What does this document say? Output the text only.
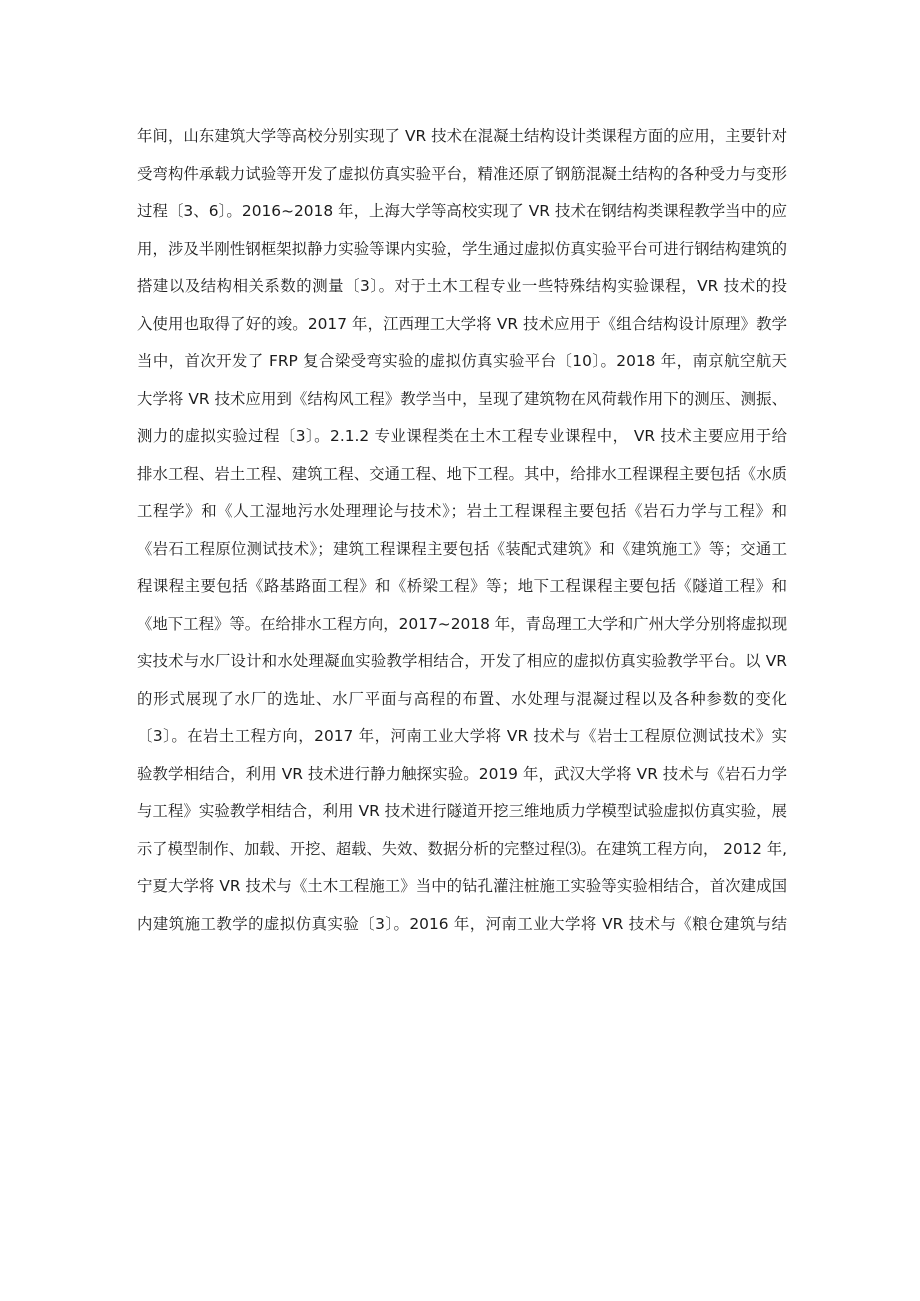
年间，山东建筑大学等高校分别实现了 VR 技术在混凝土结构设计类课程方面的应用，主要针对
受弯构件承载力试验等开发了虚拟仿真实验平台，精准还原了钢筋混凝土结构的各种受力与变形
过程〔3、6〕。2016~2018 年，上海大学等高校实现了 VR 技术在钢结构类课程教学当中的应
用，涉及半刚性钢框架拟静力实验等课内实验，学生通过虚拟仿真实验平台可进行钢结构建筑的
搭建以及结构相关系数的测量〔3〕。对于土木工程专业一些特殊结构实验课程，VR 技术的投
入使用也取得了好的竣。2017 年，江西理工大学将 VR 技术应用于《组合结构设计原理》教学
当中，首次开发了 FRP 复合梁受弯实验的虚拟仿真实验平台〔10〕。2018 年，南京航空航天
大学将 VR 技术应用到《结构风工程》教学当中，呈现了建筑物在风荷载作用下的测压、测振、
测力的虚拟实验过程〔3〕。2.1.2 专业课程类在土木工程专业课程中， VR 技术主要应用于给
排水工程、岩土工程、建筑工程、交通工程、地下工程。其中，给排水工程课程主要包括《水质
工程学》和《人工湿地污水处理理论与技术》；岩土工程课程主要包括《岩石力学与工程》和
《岩石工程原位测试技术》；建筑工程课程主要包括《装配式建筑》和《建筑施工》等；交通工
程课程主要包括《路基路面工程》和《桥梁工程》等；地下工程课程主要包括《隧道工程》和
《地下工程》等。在给排水工程方向，2017~2018 年，青岛理工大学和广州大学分别将虚拟现
实技术与水厂设计和水处理凝血实验教学相结合，开发了相应的虚拟仿真实验教学平台。以 VR
的形式展现了水厂的选址、水厂平面与高程的布置、水处理与混凝过程以及各种参数的变化
〔3〕。在岩土工程方向，2017 年，河南工业大学将 VR 技术与《岩士工程原位测试技术》实
验教学相结合，利用 VR 技术进行静力触探实验。2019 年，武汉大学将 VR 技术与《岩石力学
与工程》实验教学相结合，利用 VR 技术进行隧道开挖三维地质力学模型试验虚拟仿真实验，展
示了模型制作、加载、开挖、超载、失效、数据分析的完整过程⑶。在建筑工程方向， 2012 年,
宁夏大学将 VR 技术与《土木工程施工》当中的钻孔灌注桩施工实验等实验相结合，首次建成国
内建筑施工教学的虚拟仿真实验〔3〕。2016 年，河南工业大学将 VR 技术与《粮仓建筑与结
